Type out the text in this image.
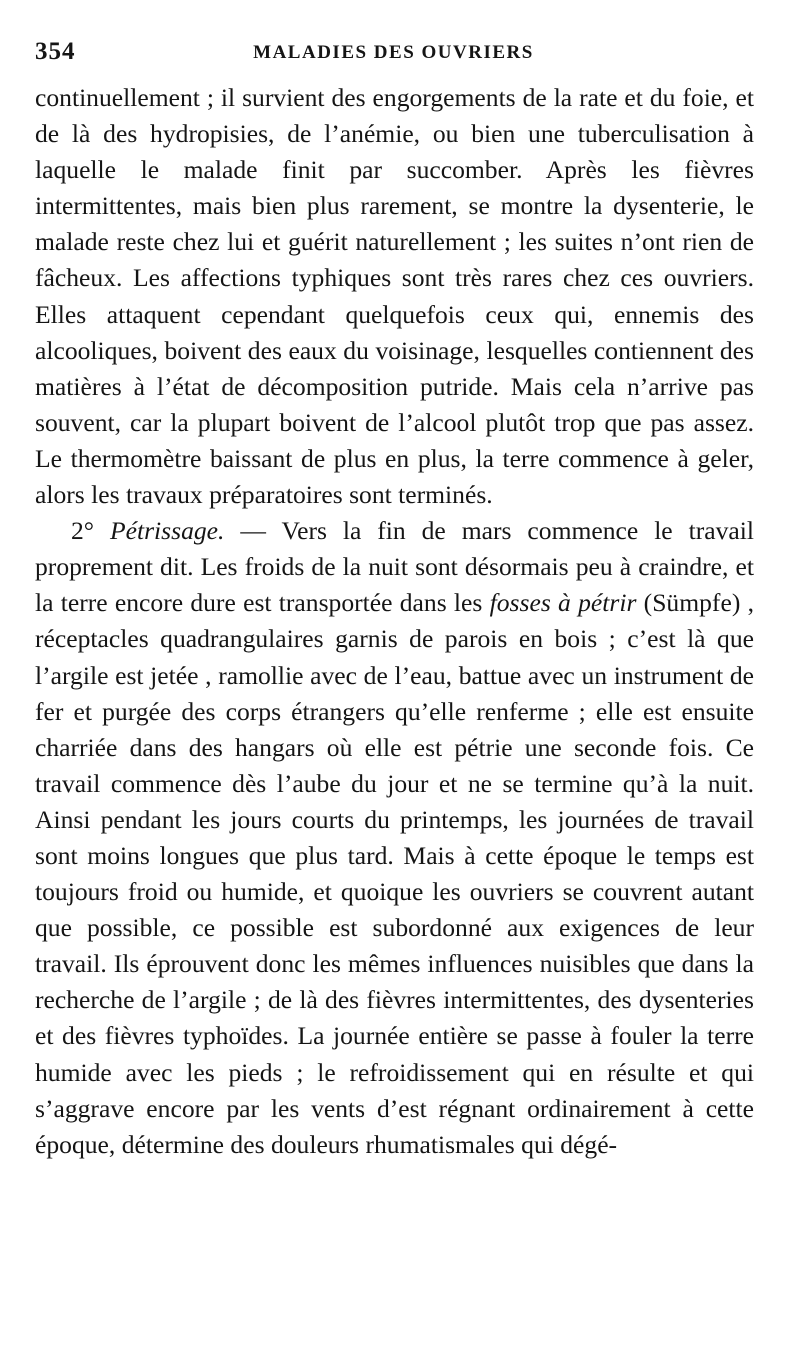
354	MALADIES DES OUVRIERS

continuellement ; il survient des engorgements de la rate et du foie, et de là des hydropisies, de l’anémie, ou bien une tuberculisation à laquelle le malade finit par succomber. Après les fièvres intermittentes, mais bien plus rarement, se montre la dysenterie, le malade reste chez lui et guérit naturellement ; les suites n’ont rien de fâcheux. Les affections typhiques sont très rares chez ces ouvriers. Elles attaquent cependant quelquefois ceux qui, ennemis des alcooliques, boivent des eaux du voisinage, lesquelles contiennent des matières à l’état de décomposition putride. Mais cela n’arrive pas souvent, car la plupart boivent de l’alcool plutôt trop que pas assez. Le thermomètre baissant de plus en plus, la terre commence à geler, alors les travaux préparatoires sont terminés.

2° Pétrissage. — Vers la fin de mars commence le travail proprement dit. Les froids de la nuit sont désormais peu à craindre, et la terre encore dure est transportée dans les fosses à pétrir (Sümpfe) , réceptacles quadrangulaires garnis de parois en bois ; c’est là que l’argile est jetée , ramollie avec de l’eau, battue avec un instrument de fer et purgée des corps étrangers qu’elle renferme ; elle est ensuite charriée dans des hangars où elle est pétrie une seconde fois. Ce travail commence dès l’aube du jour et ne se termine qu’à la nuit. Ainsi pendant les jours courts du printemps, les journées de travail sont moins longues que plus tard. Mais à cette époque le temps est toujours froid ou humide, et quoique les ouvriers se couvrent autant que possible, ce possible est subordonné aux exigences de leur travail. Ils éprouvent donc les mêmes influences nuisibles que dans la recherche de l’argile ; de là des fièvres intermittentes, des dysenteries et des fièvres typhoïdes. La journée entière se passe à fouler la terre humide avec les pieds ; le refroidissement qui en résulte et qui s’aggrave encore par les vents d’est régnant ordinairement à cette époque, détermine des douleurs rhumatismales qui dégé-
